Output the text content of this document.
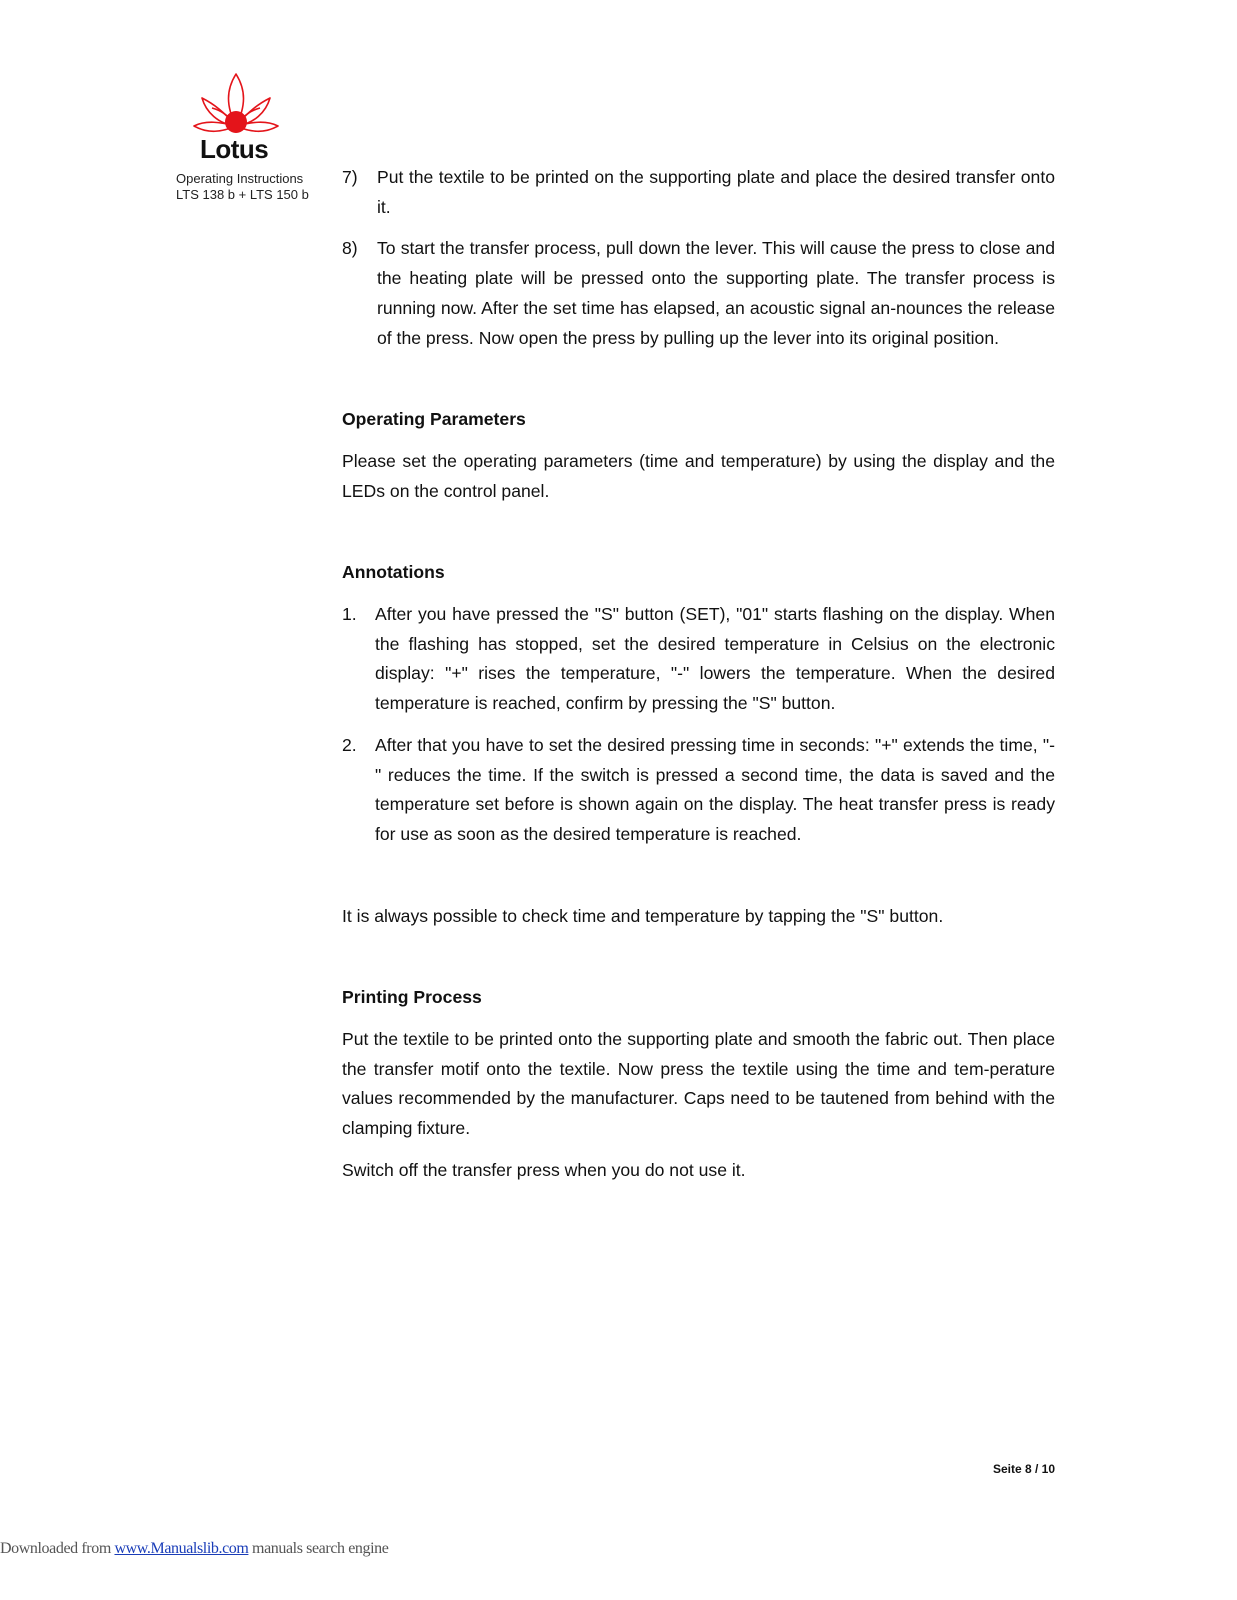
Lotus
Operating Instructions
LTS 138 b + LTS 150 b
7)	Put the textile to be printed on the supporting plate and place the desired transfer onto it.
8)	To start the transfer process, pull down the lever. This will cause the press to close and the heating plate will be pressed onto the supporting plate. The transfer process is running now. After the set time has elapsed, an acoustic signal an-nounces the release of the press. Now open the press by pulling up the lever into its original position.
Operating Parameters

Please set the operating parameters (time and temperature) by using the display and the LEDs on the control panel.

Annotations
1.	After you have pressed the "S" button (SET), "01" starts flashing on the display. When the flashing has stopped, set the desired temperature in Celsius on the electronic display: "+" rises the temperature, "-" lowers the temperature. When the desired temperature is reached, confirm by pressing the "S" button.
2.	After that you have to set the desired pressing time in seconds: "+" extends the time, "-" reduces the time. If the switch is pressed a second time, the data is saved and the temperature set before is shown again on the display. The heat transfer press is ready for use as soon as the desired temperature is reached.

It is always possible to check time and temperature by tapping the "S" button.

Printing Process

Put the textile to be printed onto the supporting plate and smooth the fabric out. Then place the transfer motif onto the textile. Now press the textile using the time and tem-perature values recommended by the manufacturer. Caps need to be tautened from behind with the clamping fixture.

Switch off the transfer press when you do not use it.

Seite 8 / 10
Downloaded from www.Manualslib.com manuals search engine
